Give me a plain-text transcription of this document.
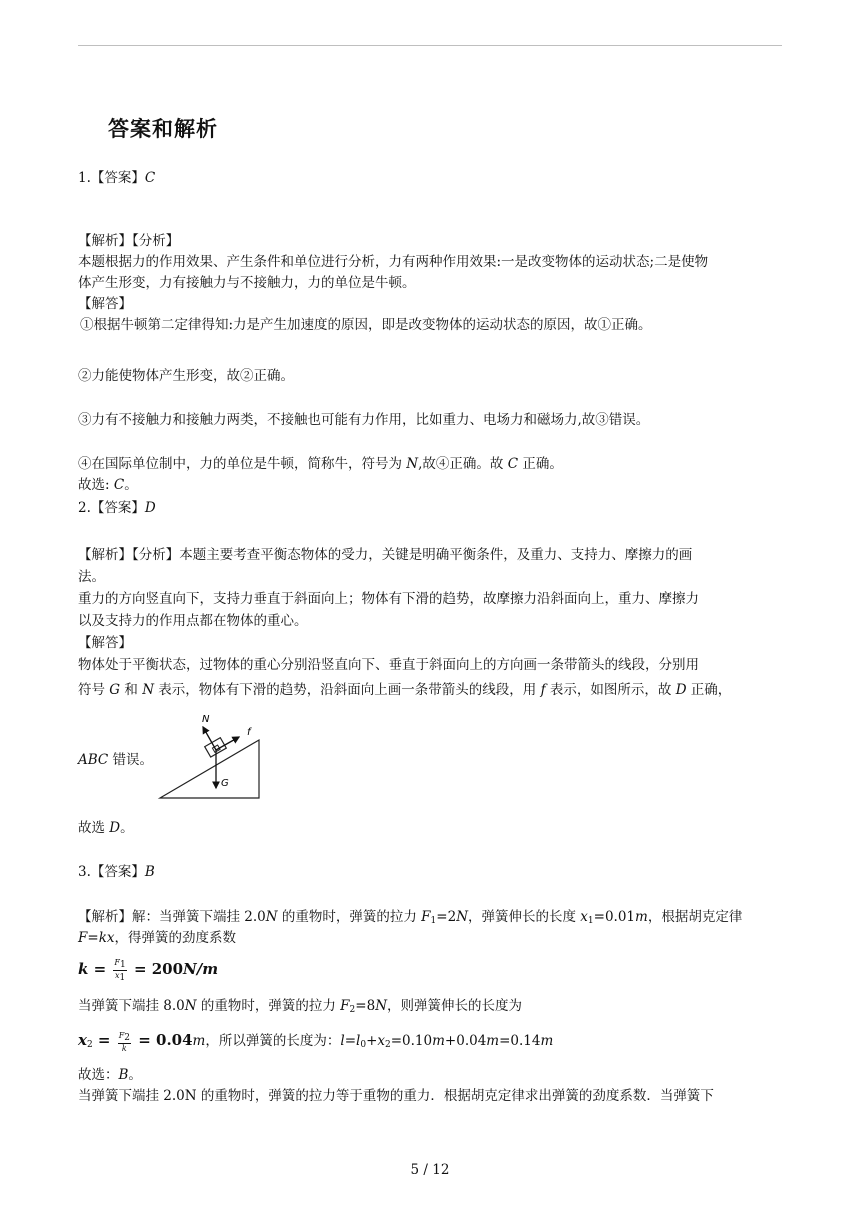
答案和解析
1.【答案】C
【解析】【分析】
本题根据力的作用效果、产生条件和单位进行分析，力有两种作用效果:一是改变物体的运动状态;二是使物
体产生形变，力有接触力与不接触力，力的单位是牛顿。
【解答】
①根据牛顿第二定律得知:力是产生加速度的原因，即是改变物体的运动状态的原因，故①正确。
②力能使物体产生形变，故②正确。
③力有不接触力和接触力两类，不接触也可能有力作用，比如重力、电场力和磁场力,故③错误。
④在国际单位制中，力的单位是牛顿，简称牛，符号为 N,故④正确。故 C 正确。
故选: C。
2.【答案】D
【解析】【分析】本题主要考查平衡态物体的受力，关键是明确平衡条件，及重力、支持力、摩擦力的画
法。
重力的方向竖直向下，支持力垂直于斜面向上；物体有下滑的趋势，故摩擦力沿斜面向上，重力、摩擦力
以及支持力的作用点都在物体的重心。
【解答】
物体处于平衡状态，过物体的重心分别沿竖直向下、垂直于斜面向上的方向画一条带箭头的线段，分别用
符号 G 和 N 表示，物体有下滑的趋势，沿斜面向上画一条带箭头的线段，用 f 表示，如图所示，故 D 正确，
ABC 错误。
N
f
G
故选 D。
3.【答案】B
【解析】解：当弹簧下端挂 2.0N 的重物时，弹簧的拉力 $F_1=2N$，弹簧伸长的长度 $x_1=0.01m$，根据胡克定律
F=kx，得弹簧的劲度系数
$k = \frac{F_1}{x_1} = 200N/m$
当弹簧下端挂 8.0N 的重物时，弹簧的拉力 $F_2=8N$，则弹簧伸长的长度为
$x_2 = \frac{F_2}{k} = 0.04m$，所以弹簧的长度为：$l=l_0+x_2=0.10m+0.04m=0.14m$
故选：B。
当弹簧下端挂 2.0N 的重物时，弹簧的拉力等于重物的重力．根据胡克定律求出弹簧的劲度系数．当弹簧下
5 / 12
